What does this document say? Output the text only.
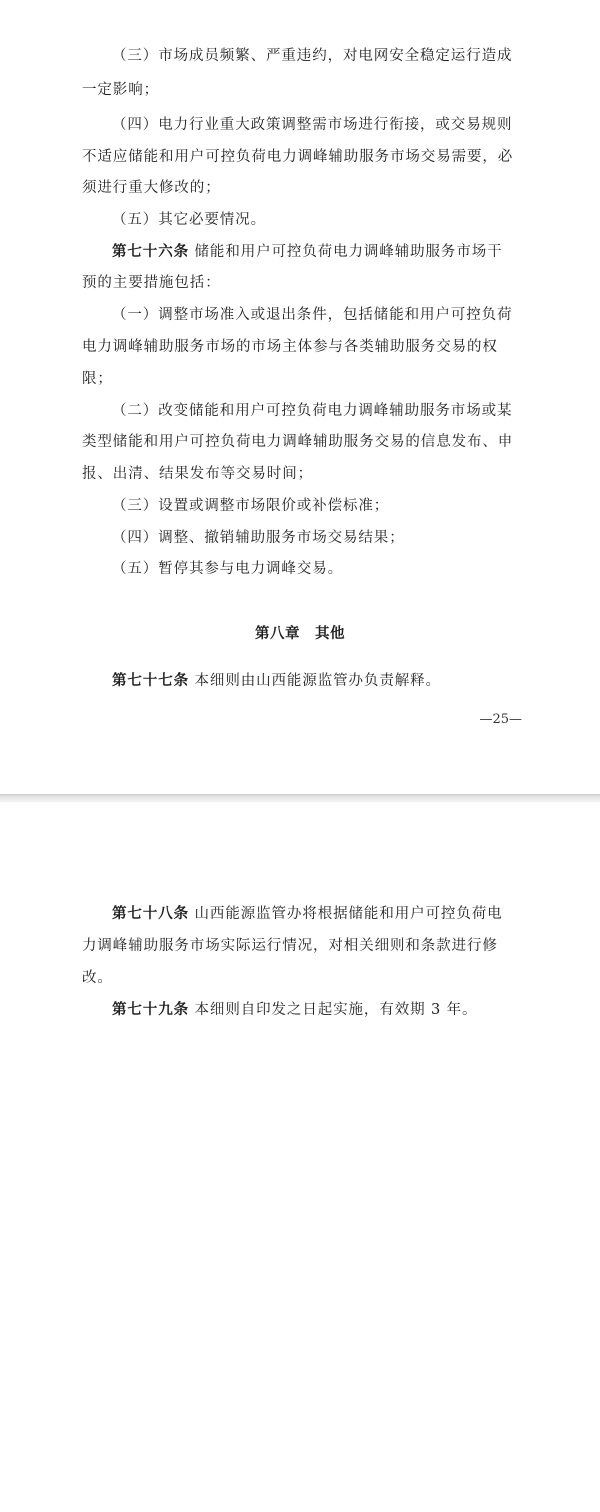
（三）市场成员频繁、严重违约，对电网安全稳定运行造成
一定影响；
（四）电力行业重大政策调整需市场进行衔接，或交易规则
不适应储能和用户可控负荷电力调峰辅助服务市场交易需要，必
须进行重大修改的；
（五）其它必要情况。
第七十六条 储能和用户可控负荷电力调峰辅助服务市场干
预的主要措施包括：
（一）调整市场准入或退出条件，包括储能和用户可控负荷
电力调峰辅助服务市场的市场主体参与各类辅助服务交易的权
限；
（二）改变储能和用户可控负荷电力调峰辅助服务市场或某
类型储能和用户可控负荷电力调峰辅助服务交易的信息发布、申
报、出清、结果发布等交易时间；
（三）设置或调整市场限价或补偿标准；
（四）调整、撤销辅助服务市场交易结果；
（五）暂停其参与电力调峰交易。
第八章　其他
第七十七条 本细则由山西能源监管办负责解释。
—25—
第七十八条 山西能源监管办将根据储能和用户可控负荷电
力调峰辅助服务市场实际运行情况，对相关细则和条款进行修
改。
第七十九条 本细则自印发之日起实施，有效期 3 年。
